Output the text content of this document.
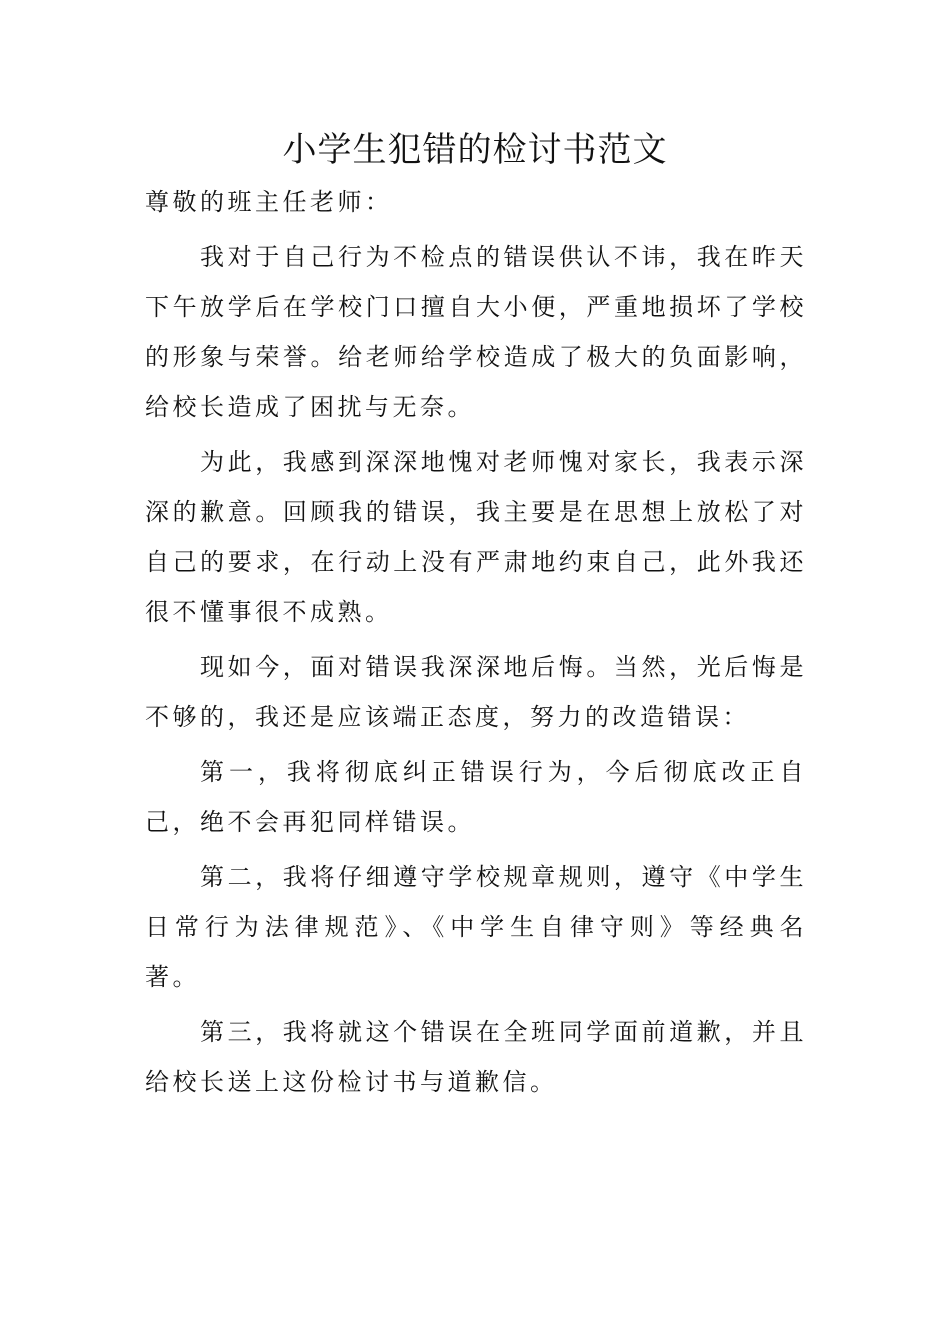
小学生犯错的检讨书范文

尊敬的班主任老师：

我对于自己行为不检点的错误供认不讳，我在昨天下午放学后在学校门口擅自大小便，严重地损坏了学校的形象与荣誉。给老师给学校造成了极大的负面影响，给校长造成了困扰与无奈。

为此，我感到深深地愧对老师愧对家长，我表示深深的歉意。回顾我的错误，我主要是在思想上放松了对自己的要求，在行动上没有严肃地约束自己，此外我还很不懂事很不成熟。

现如今，面对错误我深深地后悔。当然，光后悔是不够的，我还是应该端正态度，努力的改造错误：

第一，我将彻底纠正错误行为，今后彻底改正自己，绝不会再犯同样错误。

第二，我将仔细遵守学校规章规则，遵守《中学生日常行为法律规范》、《中学生自律守则》等经典名著。

第三，我将就这个错误在全班同学面前道歉，并且给校长送上这份检讨书与道歉信。
